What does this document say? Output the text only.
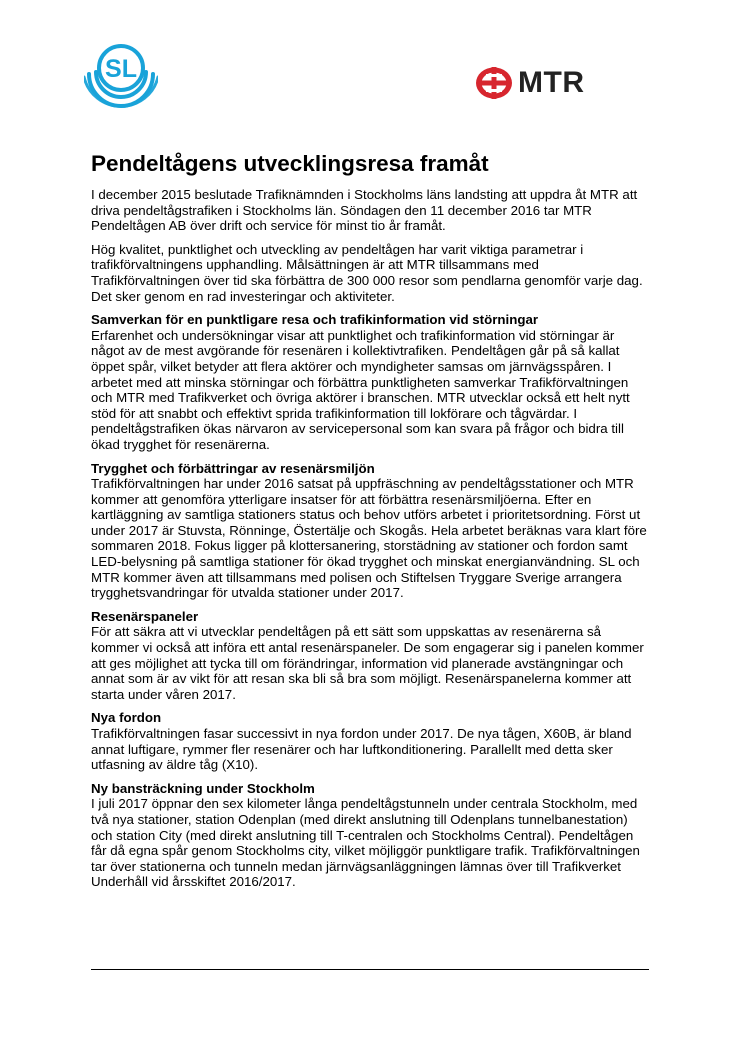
SL	MTR
Pendeltågens utvecklingsresa framåt

I december 2015 beslutade Trafiknämnden i Stockholms läns landsting att uppdra åt MTR att driva pendeltågstrafiken i Stockholms län. Söndagen den 11 december 2016 tar MTR Pendeltågen AB över drift och service för minst tio år framåt.

Hög kvalitet, punktlighet och utveckling av pendeltågen har varit viktiga parametrar i trafikförvaltningens upphandling. Målsättningen är att MTR tillsammans med Trafikförvaltningen över tid ska förbättra de 300 000 resor som pendlarna genomför varje dag. Det sker genom en rad investeringar och aktiviteter.

Samverkan för en punktligare resa och trafikinformation vid störningar

Erfarenhet och undersökningar visar att punktlighet och trafikinformation vid störningar är något av de mest avgörande för resenären i kollektivtrafiken. Pendeltågen går på så kallat öppet spår, vilket betyder att flera aktörer och myndigheter samsas om järnvägsspåren. I arbetet med att minska störningar och förbättra punktligheten samverkar Trafikförvaltningen och MTR med Trafikverket och övriga aktörer i branschen. MTR utvecklar också ett helt nytt stöd för att snabbt och effektivt sprida trafikinformation till lokförare och tågvärdar. I pendeltågstrafiken ökas närvaron av servicepersonal som kan svara på frågor och bidra till ökad trygghet för resenärerna.

Trygghet och förbättringar av resenärsmiljön

Trafikförvaltningen har under 2016 satsat på uppfräschning av pendeltågsstationer och MTR kommer att genomföra ytterligare insatser för att förbättra resenärsmiljöerna. Efter en kartläggning av samtliga stationers status och behov utförs arbetet i prioritetsordning. Först ut under 2017 är Stuvsta, Rönninge, Östertälje och Skogås. Hela arbetet beräknas vara klart före sommaren 2018. Fokus ligger på klottersanering, storstädning av stationer och fordon samt LED-belysning på samtliga stationer för ökad trygghet och minskat energianvändning. SL och MTR kommer även att tillsammans med polisen och Stiftelsen Tryggare Sverige arrangera trygghetsvandringar för utvalda stationer under 2017.

Resenärspaneler

För att säkra att vi utvecklar pendeltågen på ett sätt som uppskattas av resenärerna så kommer vi också att införa ett antal resenärspaneler. De som engagerar sig i panelen kommer att ges möjlighet att tycka till om förändringar, information vid planerade avstängningar och annat som är av vikt för att resan ska bli så bra som möjligt. Resenärspanelerna kommer att starta under våren 2017.

Nya fordon

Trafikförvaltningen fasar successivt in nya fordon under 2017. De nya tågen, X60B, är bland annat luftigare, rymmer fler resenärer och har luftkonditionering. Parallellt med detta sker utfasning av äldre tåg (X10).

Ny bansträckning under Stockholm

I juli 2017 öppnar den sex kilometer långa pendeltågstunneln under centrala Stockholm, med två nya stationer, station Odenplan (med direkt anslutning till Odenplans tunnelbanestation) och station City (med direkt anslutning till T-centralen och Stockholms Central). Pendeltågen får då egna spår genom Stockholms city, vilket möjliggör punktligare trafik. Trafikförvaltningen tar över stationerna och tunneln medan järnvägsanläggningen lämnas över till Trafikverket Underhåll vid årsskiftet 2016/2017.
